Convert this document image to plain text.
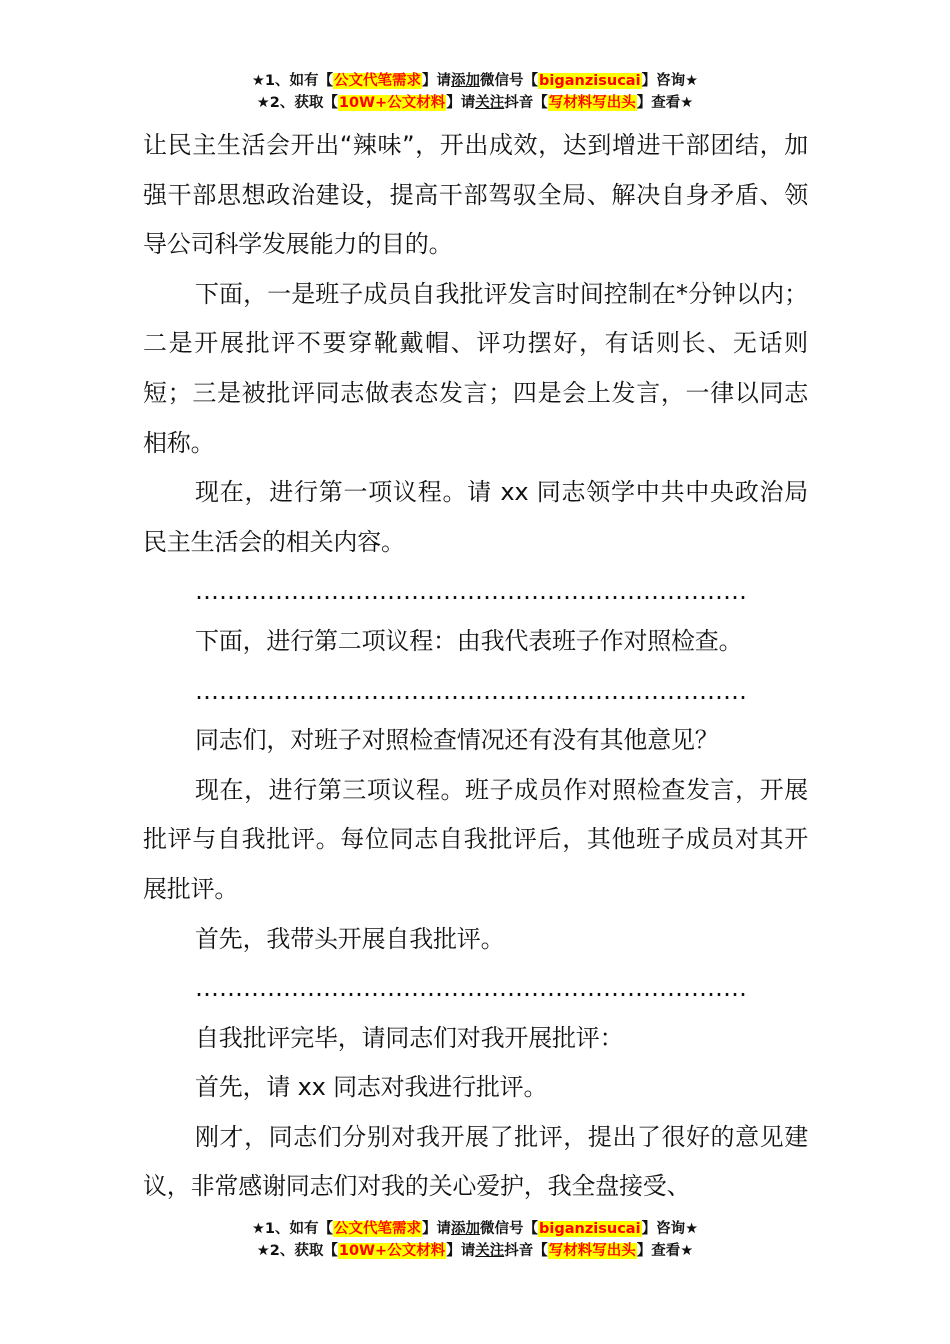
★1、如有【公文代笔需求】请添加微信号【biganzisucai】咨询★
★2、获取【10W+公文材料】请关注抖音【写材料写出头】查看★

让民主生活会开出“辣味”，开出成效，达到增进干部团结，加强干部思想政治建设，提高干部驾驭全局、解决自身矛盾、领导公司科学发展能力的目的。

下面，一是班子成员自我批评发言时间控制在*分钟以内；二是开展批评不要穿靴戴帽、评功摆好，有话则长、无话则短；三是被批评同志做表态发言；四是会上发言，一律以同志相称。

现在，进行第一项议程。请 xx 同志领学中共中央政治局民主生活会的相关内容。

……………………………………………………………

下面，进行第二项议程：由我代表班子作对照检查。

……………………………………………………………

同志们，对班子对照检查情况还有没有其他意见？

现在，进行第三项议程。班子成员作对照检查发言，开展批评与自我批评。每位同志自我批评后，其他班子成员对其开展批评。

首先，我带头开展自我批评。

……………………………………………………………

自我批评完毕，请同志们对我开展批评：

首先，请 xx 同志对我进行批评。

刚才，同志们分别对我开展了批评，提出了很好的意见建议，非常感谢同志们对我的关心爱护，我全盘接受、

★1、如有【公文代笔需求】请添加微信号【biganzisucai】咨询★
★2、获取【10W+公文材料】请关注抖音【写材料写出头】查看★
